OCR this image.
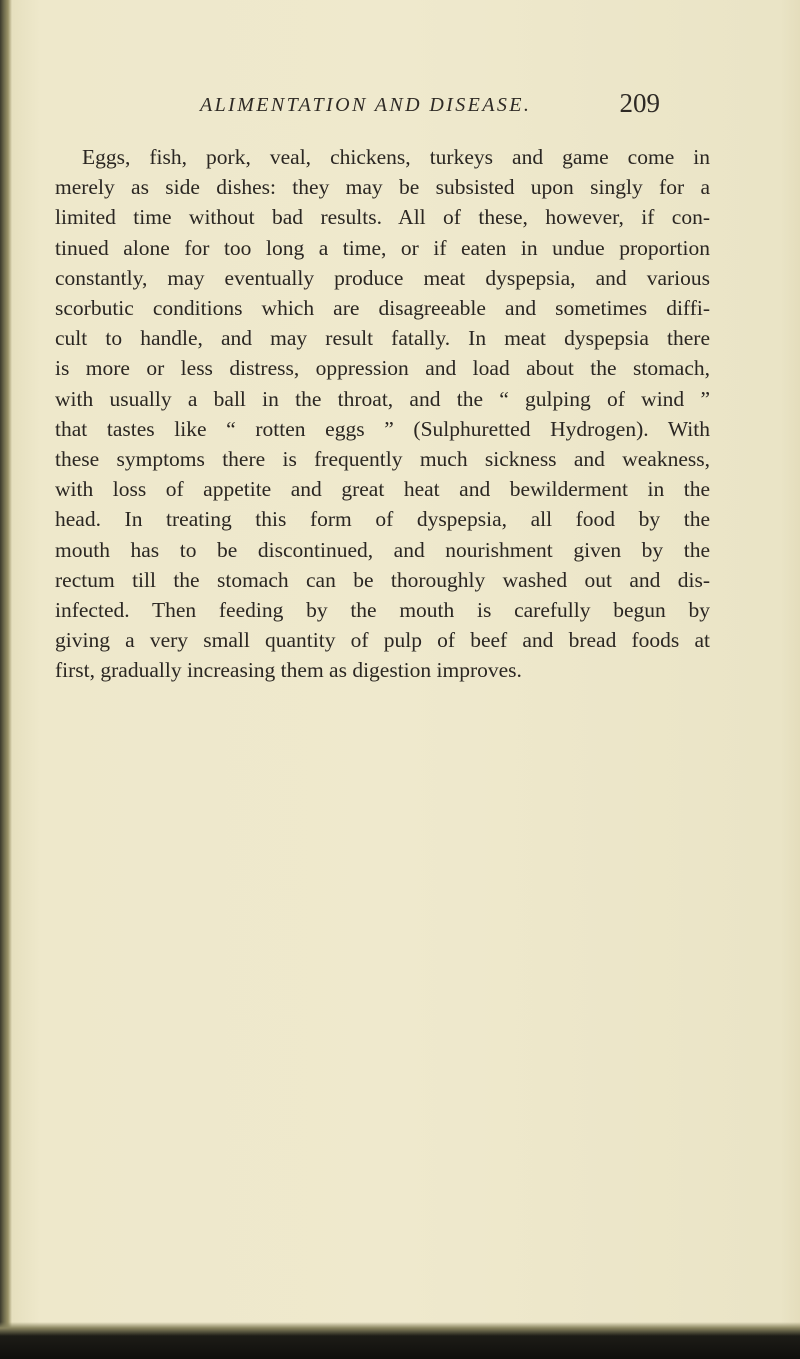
ALIMENTATION AND DISEASE.	209
Eggs, fish, pork, veal, chickens, turkeys and game come in
merely as side dishes: they may be subsisted upon singly for a
limited time without bad results. All of these, however, if con-
tinued alone for too long a time, or if eaten in undue proportion
constantly, may eventually produce meat dyspepsia, and various
scorbutic conditions which are disagreeable and sometimes diffi-
cult to handle, and may result fatally. In meat dyspepsia there
is more or less distress, oppression and load about the stomach,
with usually a ball in the throat, and the “ gulping of wind ”
that tastes like “ rotten eggs ” (Sulphuretted Hydrogen). With
these symptoms there is frequently much sickness and weakness,
with loss of appetite and great heat and bewilderment in the
head. In treating this form of dyspepsia, all food by the
mouth has to be discontinued, and nourishment given by the
rectum till the stomach can be thoroughly washed out and dis-
infected. Then feeding by the mouth is carefully begun by
giving a very small quantity of pulp of beef and bread foods at
first, gradually increasing them as digestion improves.
